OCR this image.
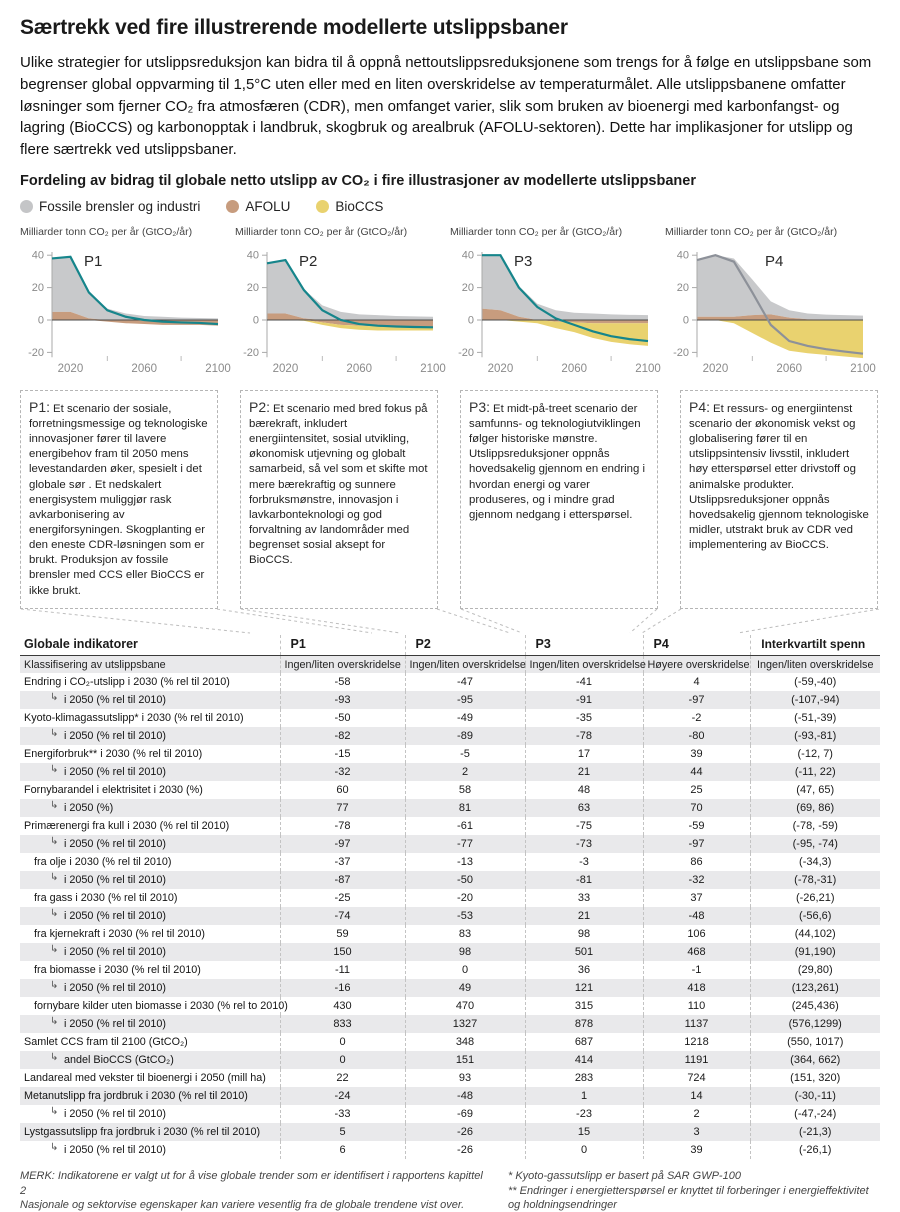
Særtrekk ved fire illustrerende modellerte utslippsbaner

Ulike strategier for utslippsreduksjon kan bidra til å oppnå nettoutslippsreduksjonene som trengs for å følge en utslippsbane som begrenser global oppvarming til 1,5°C uten eller med en liten overskridelse av temperaturmålet. Alle utslippsbanene omfatter løsninger som fjerner CO₂ fra atmosfæren (CDR), men omfanget varier, slik som bruken av bioenergi med karbonfangst- og lagring (BioCCS) og karbonopptak i landbruk, skogbruk og arealbruk (AFOLU-sektoren). Dette har implikasjoner for utslipp og flere særtrekk ved utslippsbaner.

Fordeling av bidrag til globale netto utslipp av CO₂ i fire illustrasjoner av modellerte utslippsbaner
Fossile brensler og industri	AFOLU	BioCCS
Milliarder tonn CO₂ per år (GtCO₂/år)
40
20
0
-20
2020	2060	2100
P1
Milliarder tonn CO₂ per år (GtCO₂/år)
40
20
0
-20
2020	2060	2100
P2
Milliarder tonn CO₂ per år (GtCO₂/år)
40
20
0
-20
2020	2060	2100
P3
Milliarder tonn CO₂ per år (GtCO₂/år)
40
20
0
-20
2020	2060	2100
P4
P1: Et scenario der sosiale, forretningsmessige og teknologiske innovasjoner fører til lavere energibehov fram til 2050 mens levestandarden øker, spesielt i det globale sør . Et nedskalert energisystem muliggjør rask avkarbonisering av energiforsyningen. Skogplanting er den eneste CDR-løsningen som er brukt. Produksjon av fossile brensler med CCS eller BioCCS er ikke brukt.
P2: Et scenario med bred fokus på bærekraft, inkludert energiintensitet, sosial utvikling, økonomisk utjevning og globalt samarbeid, så vel som et skifte mot mere bærekraftig og sunnere forbruksmønstre, innovasjon i lavkarbonteknologi og god forvaltning av landområder med begrenset sosial aksept for BioCCS.
P3: Et midt-på-treet scenario der samfunns- og teknologiutviklingen følger historiske mønstre. Utslippsreduksjoner oppnås hovedsakelig gjennom en endring i hvordan energi og varer produseres, og i mindre grad gjennom nedgang i etterspørsel.
P4: Et ressurs- og energiintenst scenario der økonomisk vekst og globalisering fører til en utslippsintensiv livsstil, inkludert høy etterspørsel etter drivstoff og animalske produkter. Utslippsreduksjoner oppnås hovedsakelig gjennom teknologiske midler, utstrakt bruk av CDR ved implementering av BioCCS.
Globale indikatorer	P1	P2	P3	P4	Interkvartilt spenn
Klassifisering av utslippsbane	Ingen/liten overskridelse	Ingen/liten overskridelse	Ingen/liten overskridelse	Høyere overskridelse	Ingen/liten overskridelse
Endring i CO₂-utslipp i 2030 (% rel til 2010)	-58	-47	-41	4	(-59,-40)

↳ i 2050 (% rel til 2010)	-93	-95	-91	-97	(-107,-94)
Kyoto-klimagassutslipp* i 2030 (% rel til 2010)	-50	-49	-35	-2	(-51,-39)

↳ i 2050 (% rel til 2010)	-82	-89	-78	-80	(-93,-81)
Energiforbruk** i 2030 (% rel til 2010)	-15	-5	17	39	(-12, 7)

↳ i 2050 (% rel til 2010)	-32	2	21	44	(-11, 22)
Fornybarandel i elektrisitet i 2030 (%)	60	58	48	25	(47, 65)

↳ i 2050 (%)	77	81	63	70	(69, 86)
Primærenergi fra kull i 2030 (% rel til 2010)	-78	-61	-75	-59	(-78, -59)

↳ i 2050 (% rel til 2010)	-97	-77	-73	-97	(-95, -74)
fra olje i 2030 (% rel til 2010)	-37	-13	-3	86	(-34,3)

↳ i 2050 (% rel til 2010)	-87	-50	-81	-32	(-78,-31)
fra gass i 2030 (% rel til 2010)	-25	-20	33	37	(-26,21)

↳ i 2050 (% rel til 2010)	-74	-53	21	-48	(-56,6)
fra kjernekraft i 2030 (% rel til 2010)	59	83	98	106	(44,102)

↳ i 2050 (% rel til 2010)	150	98	501	468	(91,190)
fra biomasse i 2030 (% rel til 2010)	-11	0	36	-1	(29,80)

↳ i 2050 (% rel til 2010)	-16	49	121	418	(123,261)
fornybare kilder uten biomasse i 2030 (% rel to 2010)	430	470	315	110	(245,436)

↳ i 2050 (% rel til 2010)	833	1327	878	1137	(576,1299)
Samlet CCS fram til 2100 (GtCO₂)	0	348	687	1218	(550, 1017)

↳ andel BioCCS (GtCO₂)	0	151	414	1191	(364, 662)
Landareal med vekster til bioenergi i 2050 (mill ha)	22	93	283	724	(151, 320)
Metanutslipp fra jordbruk i 2030 (% rel til 2010)	-24	-48	1	14	(-30,-11)

↳ i 2050 (% rel til 2010)	-33	-69	-23	2	(-47,-24)
Lystgassutslipp fra jordbruk i 2030 (% rel til 2010)	5	-26	15	3	(-21,3)

↳ i 2050 (% rel til 2010)	6	-26	0	39	(-26,1)
MERK: Indikatorene er valgt ut for å vise globale trender som er identifisert i rapportens kapittel 2
Nasjonale og sektorvise egenskaper kan variere vesentlig fra de globale trendene vist over.
* Kyoto-gassutslipp er basert på SAR GWP-100
** Endringer i energietterspørsel er knyttet til forberinger i energieffektivitet og holdningsendringer
